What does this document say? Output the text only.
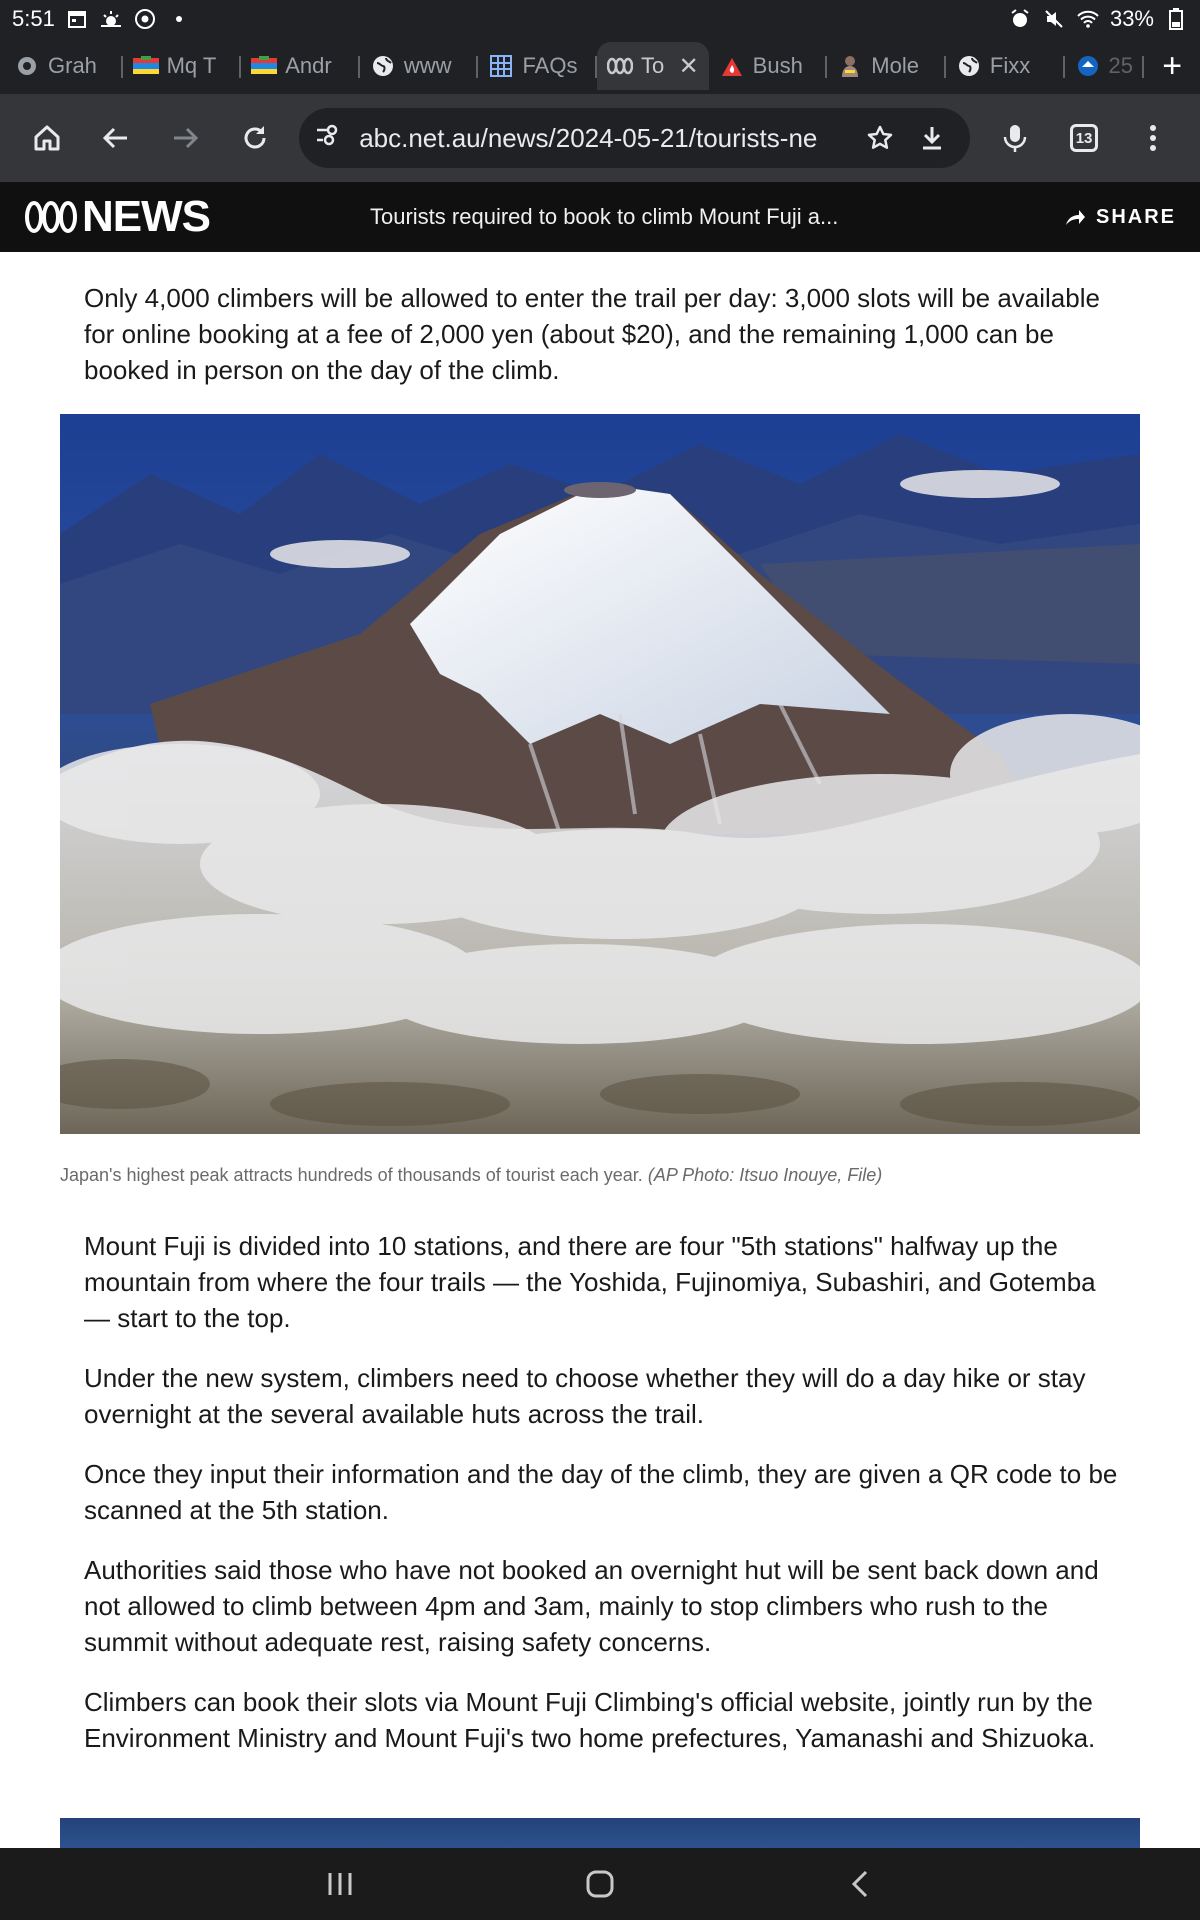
5:51	33%
Grah	Mq T	Andr	www	FAQs	To ✕ Bush	Mole	Fixx	25 +
abc.net.au/news/2024-05-21/tourists-ne	13
NEWS	Tourists required to book to climb Mount Fuji a...	SHARE

Only 4,000 climbers will be allowed to enter the trail per day: 3,000 slots will be available for online booking at a fee of 2,000 yen (about $20), and the remaining 1,000 can be booked in person on the day of the climb.

Japan's highest peak attracts hundreds of thousands of tourist each year. (AP Photo: Itsuo Inouye, File)

Mount Fuji is divided into 10 stations, and there are four "5th stations" halfway up the mountain from where the four trails — the Yoshida, Fujinomiya, Subashiri, and Gotemba — start to the top.

Under the new system, climbers need to choose whether they will do a day hike or stay overnight at the several available huts across the trail.

Once they input their information and the day of the climb, they are given a QR code to be scanned at the 5th station.

Authorities said those who have not booked an overnight hut will be sent back down and not allowed to climb between 4pm and 3am, mainly to stop climbers who rush to the summit without adequate rest, raising safety concerns.

Climbers can book their slots via Mount Fuji Climbing's official website, jointly run by the Environment Ministry and Mount Fuji's two home prefectures, Yamanashi and Shizuoka.
